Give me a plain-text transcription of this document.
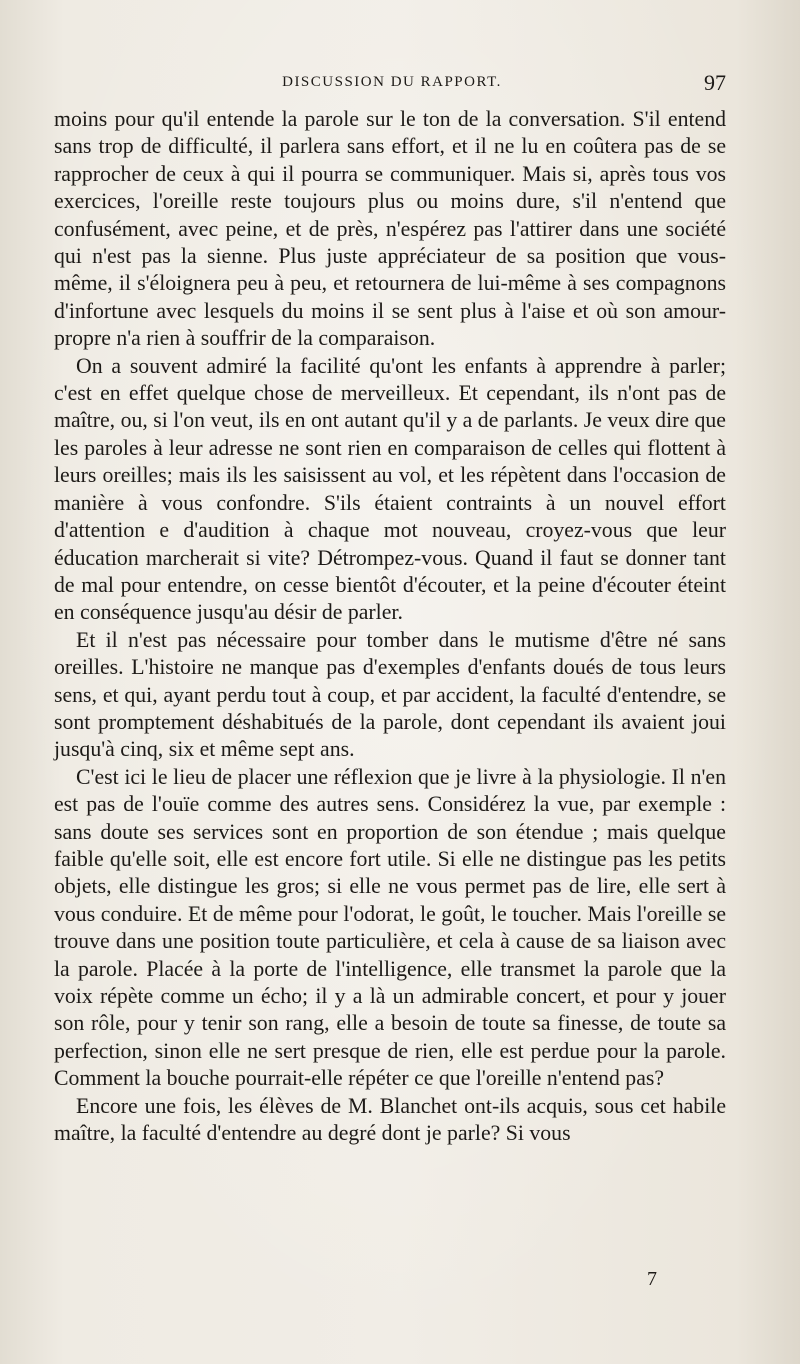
DISCUSSION DU RAPPORT.	97

moins pour qu'il entende la parole sur le ton de la conversation. S'il entend sans trop de difficulté, il parlera sans effort, et il ne lu en coûtera pas de se rapprocher de ceux à qui il pourra se communiquer. Mais si, après tous vos exercices, l'oreille reste toujours plus ou moins dure, s'il n'entend que confusément, avec peine, et de près, n'espérez pas l'attirer dans une société qui n'est pas la sienne. Plus juste appréciateur de sa position que vous-même, il s'éloignera peu à peu, et retournera de lui-même à ses compagnons d'infortune avec lesquels du moins il se sent plus à l'aise et où son amour-propre n'a rien à souffrir de la comparaison.

On a souvent admiré la facilité qu'ont les enfants à apprendre à parler; c'est en effet quelque chose de merveilleux. Et cependant, ils n'ont pas de maître, ou, si l'on veut, ils en ont autant qu'il y a de parlants. Je veux dire que les paroles à leur adresse ne sont rien en comparaison de celles qui flottent à leurs oreilles; mais ils les saisissent au vol, et les répètent dans l'occasion de manière à vous confondre. S'ils étaient contraints à un nouvel effort d'attention e d'audition à chaque mot nouveau, croyez-vous que leur éducation marcherait si vite? Détrompez-vous. Quand il faut se donner tant de mal pour entendre, on cesse bientôt d'écouter, et la peine d'écouter éteint en conséquence jusqu'au désir de parler.

Et il n'est pas nécessaire pour tomber dans le mutisme d'être né sans oreilles. L'histoire ne manque pas d'exemples d'enfants doués de tous leurs sens, et qui, ayant perdu tout à coup, et par accident, la faculté d'entendre, se sont promptement déshabitués de la parole, dont cependant ils avaient joui jusqu'à cinq, six et même sept ans.

C'est ici le lieu de placer une réflexion que je livre à la physiologie. Il n'en est pas de l'ouïe comme des autres sens. Considérez la vue, par exemple : sans doute ses services sont en proportion de son étendue ; mais quelque faible qu'elle soit, elle est encore fort utile. Si elle ne distingue pas les petits objets, elle distingue les gros; si elle ne vous permet pas de lire, elle sert à vous conduire. Et de même pour l'odorat, le goût, le toucher. Mais l'oreille se trouve dans une position toute particulière, et cela à cause de sa liaison avec la parole. Placée à la porte de l'intelligence, elle transmet la parole que la voix répète comme un écho; il y a là un admirable concert, et pour y jouer son rôle, pour y tenir son rang, elle a besoin de toute sa finesse, de toute sa perfection, sinon elle ne sert presque de rien, elle est perdue pour la parole. Comment la bouche pourrait-elle répéter ce que l'oreille n'entend pas?

Encore une fois, les élèves de M. Blanchet ont-ils acquis, sous cet habile maître, la faculté d'entendre au degré dont je parle? Si vous

7
